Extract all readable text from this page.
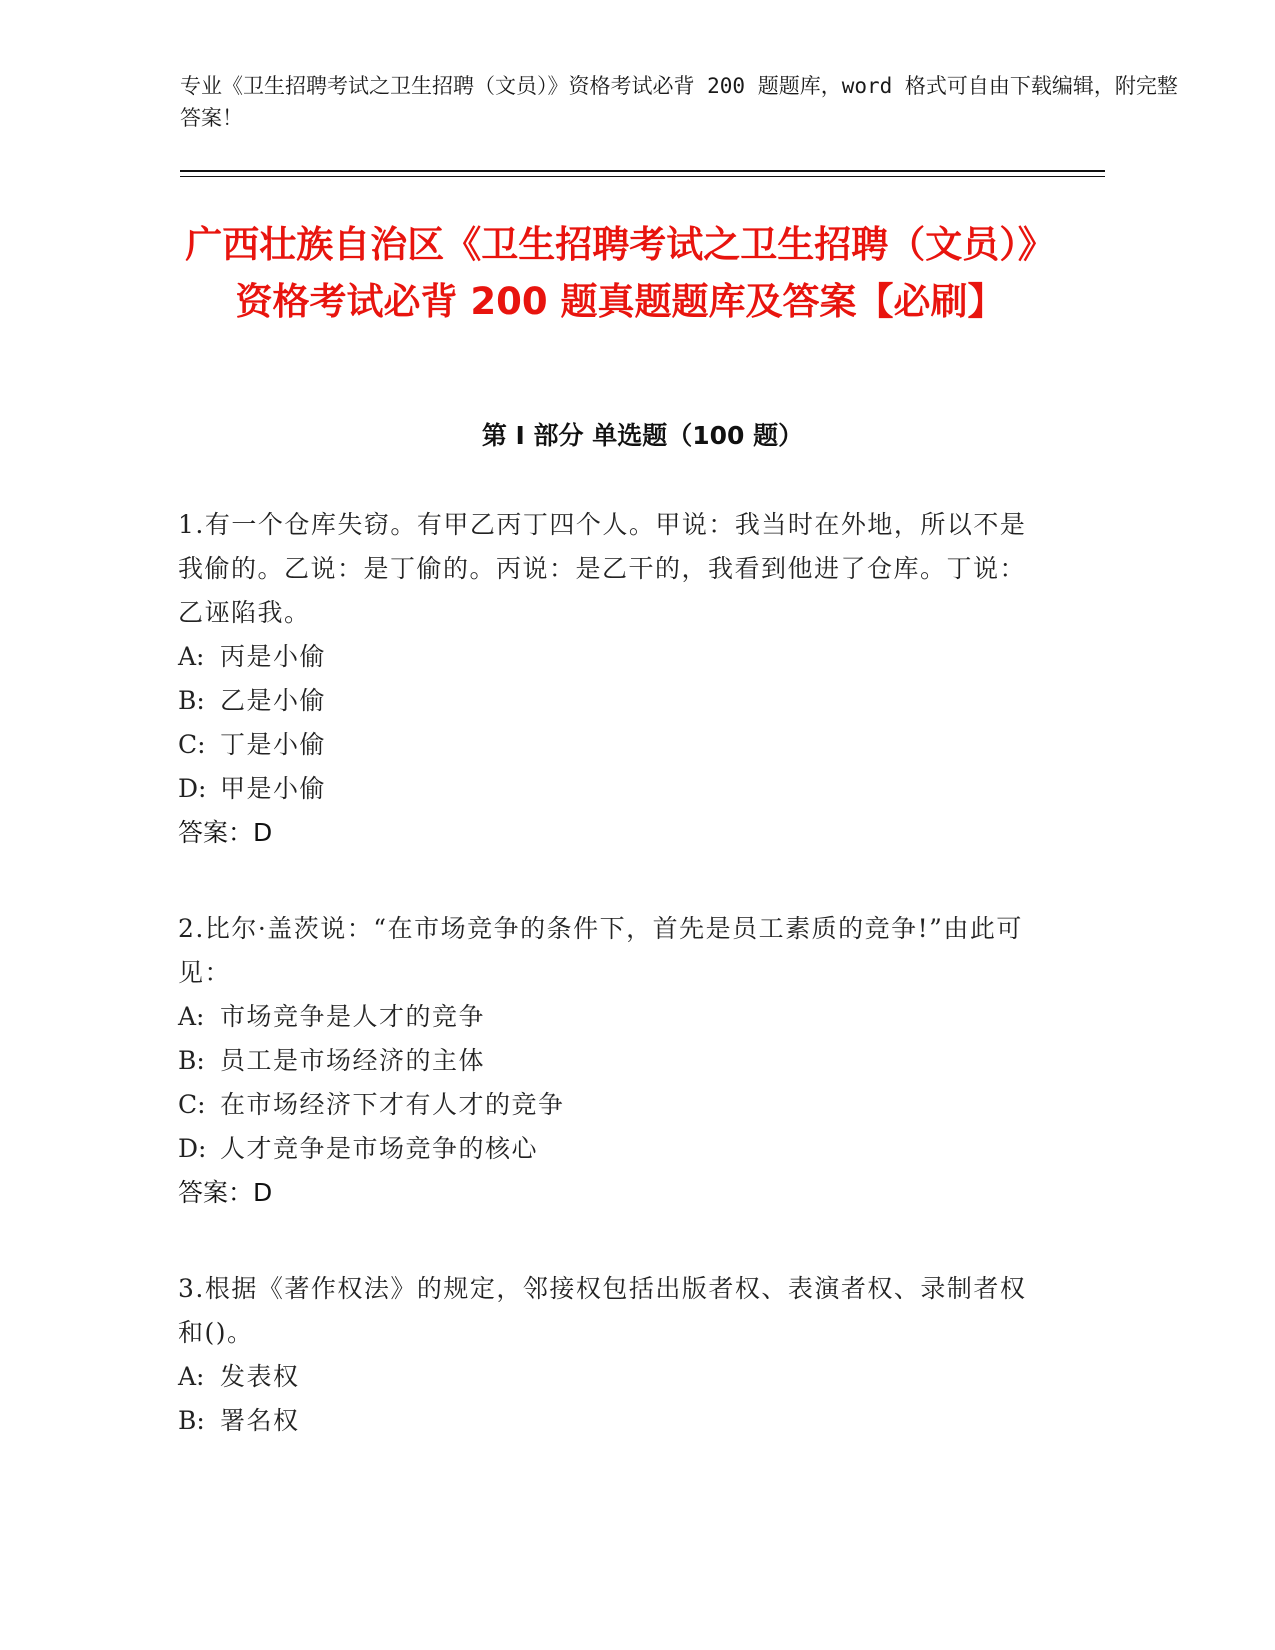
专业《卫生招聘考试之卫生招聘（文员）》资格考试必背 200 题题库，word 格式可自由下载编辑，附完整答案！

广西壮族自治区《卫生招聘考试之卫生招聘（文员）》资格考试必背 200 题真题题库及答案【必刷】
第 I 部分 单选题（100 题）

1.有一个仓库失窃。有甲乙丙丁四个人。甲说：我当时在外地，所以不是我偷的。乙说：是丁偷的。丙说：是乙干的，我看到他进了仓库。丁说：乙诬陷我。

A: 丙是小偷

B: 乙是小偷

C: 丁是小偷

D: 甲是小偷

答案：D

2.比尔·盖茨说：“在市场竞争的条件下，首先是员工素质的竞争!”由此可见：

A: 市场竞争是人才的竞争

B: 员工是市场经济的主体

C: 在市场经济下才有人才的竞争

D: 人才竞争是市场竞争的核心

答案：D

3.根据《著作权法》的规定，邻接权包括出版者权、表演者权、录制者权和()。

A: 发表权

B: 署名权
